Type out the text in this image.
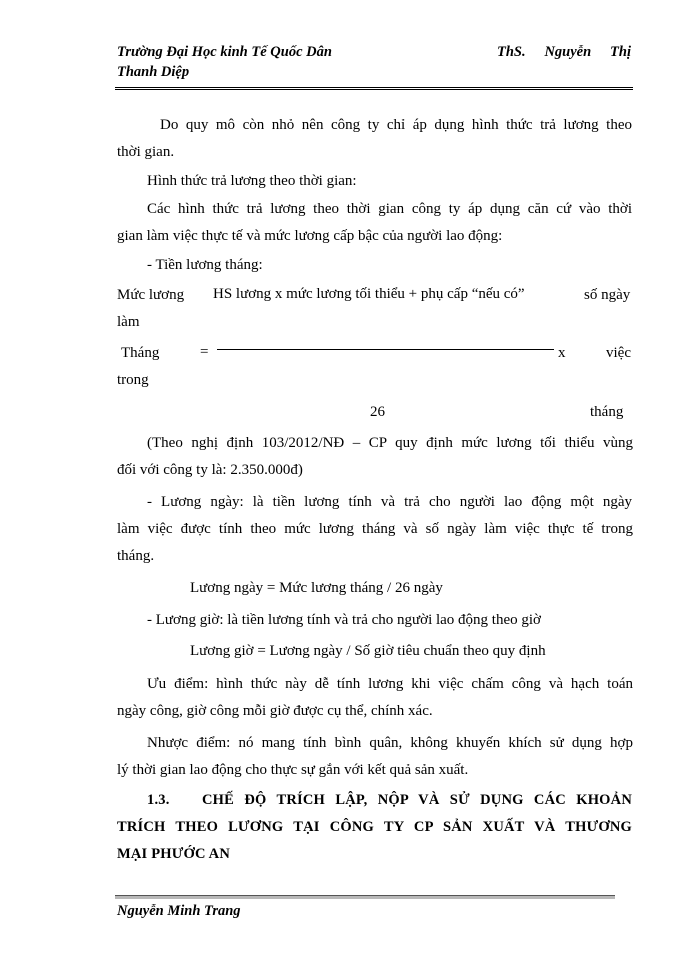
Trường Đại Học kinh Tế Quốc Dân	ThS. Nguyễn Thị
Thanh Diệp
Do quy mô còn nhỏ nên công ty chỉ áp dụng hình thức trả lương theo
thời gian.
Hình thức trả lương theo thời gian:
Các hình thức trả lương theo thời gian công ty áp dụng căn cứ vào thời
gian làm việc thực tế và mức lương cấp bậc của người lao động:
- Tiền lương tháng:
Mức lương HS lương x mức lương tối thiểu + phụ cấp “nếu có”	số ngày
làm
Tháng	=	x	việc
trong
26	tháng
(Theo nghị định 103/2012/NĐ – CP quy định mức lương tối thiểu vùng
đối với công ty là: 2.350.000đ)
- Lương ngày: là tiền lương tính và trả cho người lao động một ngày
làm việc được tính theo mức lương tháng và số ngày làm việc thực tế trong
tháng.
Lương ngày = Mức lương tháng / 26 ngày
- Lương giờ: là tiền lương tính và trả cho người lao động theo giờ
Lương giờ = Lương ngày / Số giờ tiêu chuẩn theo quy định
Ưu điểm: hình thức này dễ tính lương khi việc chấm công và hạch toán
ngày công, giờ công mỗi giờ được cụ thể, chính xác.
Nhược điểm: nó mang tính bình quân, không khuyến khích sử dụng hợp
lý thời gian lao động cho thực sự gắn với kết quả sản xuất.
1.3. CHẾ ĐỘ TRÍCH LẬP, NỘP VÀ SỬ DỤNG CÁC KHOẢN
TRÍCH THEO LƯƠNG TẠI CÔNG TY CP SẢN XUẤT VÀ THƯƠNG
MẠI PHƯỚC AN
Nguyễn Minh Trang
